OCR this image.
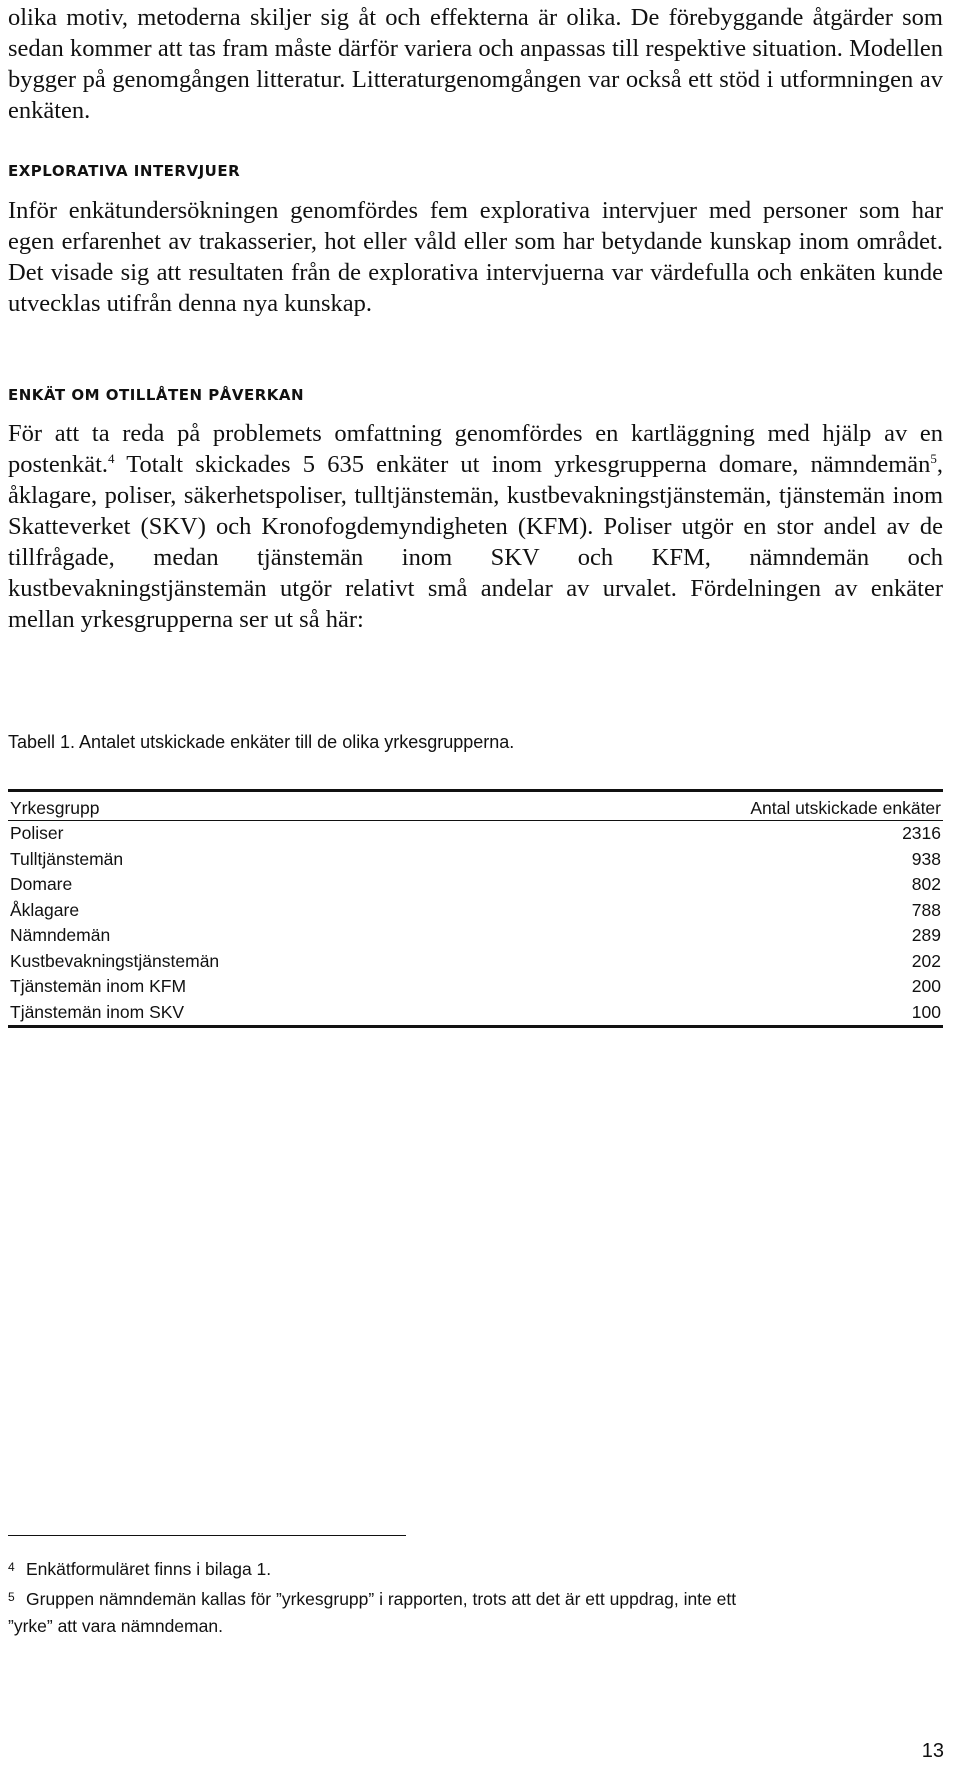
olika motiv, metoderna skiljer sig åt och effekterna är olika. De förebyggande åtgärder som sedan kommer att tas fram måste därför variera och anpassas till respektive situation. Modellen bygger på genomgången litteratur. Litteraturgenomgången var också ett stöd i utformningen av enkäten.

EXPLORATIVA INTERVJUER

Inför enkätundersökningen genomfördes fem explorativa intervjuer med personer som har egen erfarenhet av trakasserier, hot eller våld eller som har betydande kunskap inom området. Det visade sig att resultaten från de explorativa intervjuerna var värdefulla och enkäten kunde utvecklas utifrån denna nya kunskap.

ENKÄT OM OTILLÅTEN PÅVERKAN

För att ta reda på problemets omfattning genomfördes en kartläggning med hjälp av en postenkät.$^4$ Totalt skickades 5 635 enkäter ut inom yrkesgrupperna domare, nämndemän$^5$, åklagare, poliser, säkerhetspoliser, tulltjänstemän, kustbevakningstjänstemän, tjänstemän inom Skatteverket (SKV) och Kronofogdemyndigheten (KFM). Poliser utgör en stor andel av de tillfrågade, medan tjänstemän inom SKV och KFM, nämndemän och kustbevakningstjänstemän utgör relativt små andelar av urvalet. Fördelningen av enkäter mellan yrkesgrupperna ser ut så här:

Tabell 1. Antalet utskickade enkäter till de olika yrkesgrupperna.
Yrkesgrupp	Antal utskickade enkäter
Poliser	2316
Tulltjänstemän	938
Domare	802
Åklagare	788
Nämndemän	289
Kustbevakningstjänstemän	202
Tjänstemän inom KFM	200
Tjänstemän inom SKV	100
4 Enkätformuläret finns i bilaga 1.
5 Gruppen nämndemän kallas för ”yrkesgrupp” i rapporten, trots att det är ett uppdrag, inte ett
”yrke” att vara nämndeman.
13
